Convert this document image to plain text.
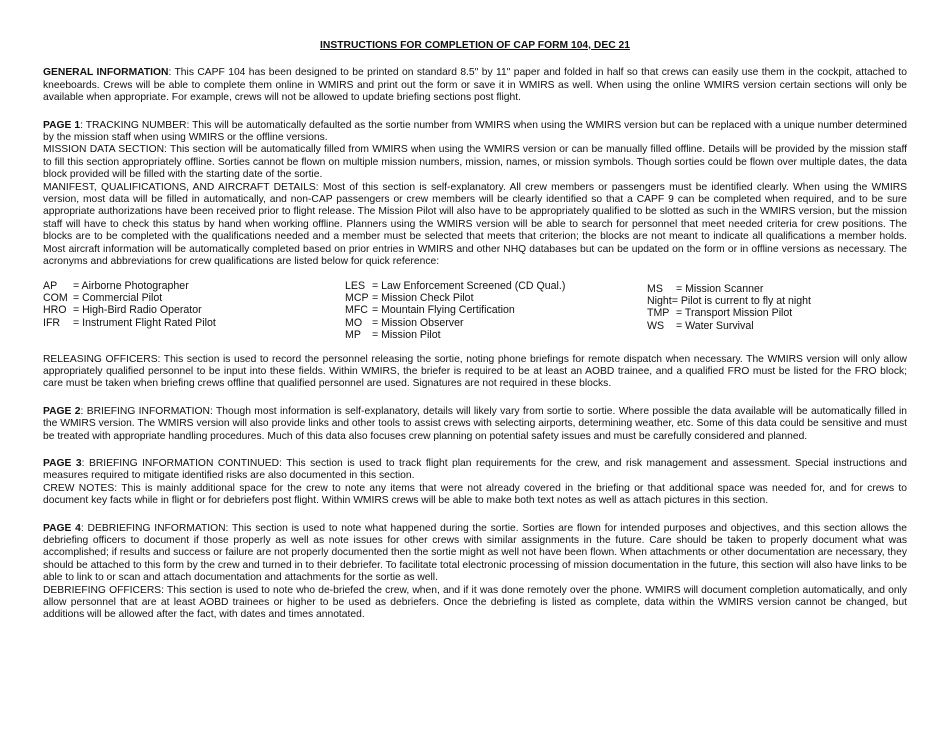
INSTRUCTIONS FOR COMPLETION OF CAP FORM 104, DEC 21

GENERAL INFORMATION: This CAPF 104 has been designed to be printed on standard 8.5" by 11" paper and folded in half so that crews can easily use them in the cockpit, attached to kneeboards. Crews will be able to complete them online in WMIRS and print out the form or save it in WMIRS as well. When using the online WMIRS version certain sections will only be available when appropriate. For example, crews will not be allowed to update briefing sections post flight.

PAGE 1: TRACKING NUMBER: This will be automatically defaulted as the sortie number from WMIRS when using the WMIRS version but can be replaced with a unique number determined by the mission staff when using WMIRS or the offline versions.

MISSION DATA SECTION: This section will be automatically filled from WMIRS when using the WMIRS version or can be manually filled offline. Details will be provided by the mission staff to fill this section appropriately offline. Sorties cannot be flown on multiple mission numbers, mission, names, or mission symbols. Though sorties could be flown over multiple dates, the data block provided will be filled with the starting date of the sortie.

MANIFEST, QUALIFICATIONS, AND AIRCRAFT DETAILS: Most of this section is self-explanatory. All crew members or passengers must be identified clearly. When using the WMIRS version, most data will be filled in automatically, and non-CAP passengers or crew members will be clearly identified so that a CAPF 9 can be completed when required, and to be sure appropriate authorizations have been received prior to flight release. The Mission Pilot will also have to be appropriately qualified to be slotted as such in the WMIRS version, but the mission staff will have to check this status by hand when working offline. Planners using the WMIRS version will be able to search for personnel that meet needed criteria for crew positions. The blocks are to be completed with the qualifications needed and a member must be selected that meets that criterion; the blocks are not meant to indicate all qualifications a member holds. Most aircraft information will be automatically completed based on prior entries in WMIRS and other NHQ databases but can be updated on the form or in offline versions as necessary. The acronyms and abbreviations for crew qualifications are listed below for quick reference:

AP = Airborne Photographer
COM = Commercial Pilot
HRO = High-Bird Radio Operator
IFR = Instrument Flight Rated Pilot
LES = Law Enforcement Screened (CD Qual.)
MCP = Mission Check Pilot
MFC = Mountain Flying Certification
MO = Mission Observer
MP = Mission Pilot
MS = Mission Scanner
Night= Pilot is current to fly at night
TMP = Transport Mission Pilot
WS = Water Survival

RELEASING OFFICERS: This section is used to record the personnel releasing the sortie, noting phone briefings for remote dispatch when necessary. The WMIRS version will only allow appropriately qualified personnel to be input into these fields. Within WMIRS, the briefer is required to be at least an AOBD trainee, and a qualified FRO must be listed for the FRO block; care must be taken when briefing crews offline that qualified personnel are used. Signatures are not required in these blocks.

PAGE 2: BRIEFING INFORMATION: Though most information is self-explanatory, details will likely vary from sortie to sortie. Where possible the data available will be automatically filled in the WMIRS version. The WMIRS version will also provide links and other tools to assist crews with selecting airports, determining weather, etc. Some of this data could be sensitive and must be treated with appropriate handling procedures. Much of this data also focuses crew planning on potential safety issues and must be carefully considered and planned.

PAGE 3: BRIEFING INFORMATION CONTINUED: This section is used to track flight plan requirements for the crew, and risk management and assessment. Special instructions and measures required to mitigate identified risks are also documented in this section.

CREW NOTES: This is mainly additional space for the crew to note any items that were not already covered in the briefing or that additional space was needed for, and for crews to document key facts while in flight or for debriefers post flight. Within WMIRS crews will be able to make both text notes as well as attach pictures in this section.

PAGE 4: DEBRIEFING INFORMATION: This section is used to note what happened during the sortie. Sorties are flown for intended purposes and objectives, and this section allows the debriefing officers to document if those properly as well as note issues for other crews with similar assignments in the future. Care should be taken to properly document what was accomplished; if results and success or failure are not properly documented then the sortie might as well not have been flown. When attachments or other documentation are necessary, they should be attached to this form by the crew and turned in to their debriefer. To facilitate total electronic processing of mission documentation in the future, this section will also have links to be able to link to or scan and attach documentation and attachments for the sortie as well.

DEBRIEFING OFFICERS: This section is used to note who de-briefed the crew, when, and if it was done remotely over the phone. WMIRS will document completion automatically, and only allow personnel that are at least AOBD trainees or higher to be used as debriefers. Once the debriefing is listed as complete, data within the WMIRS version cannot be changed, but additions will be allowed after the fact, with dates and times annotated.
